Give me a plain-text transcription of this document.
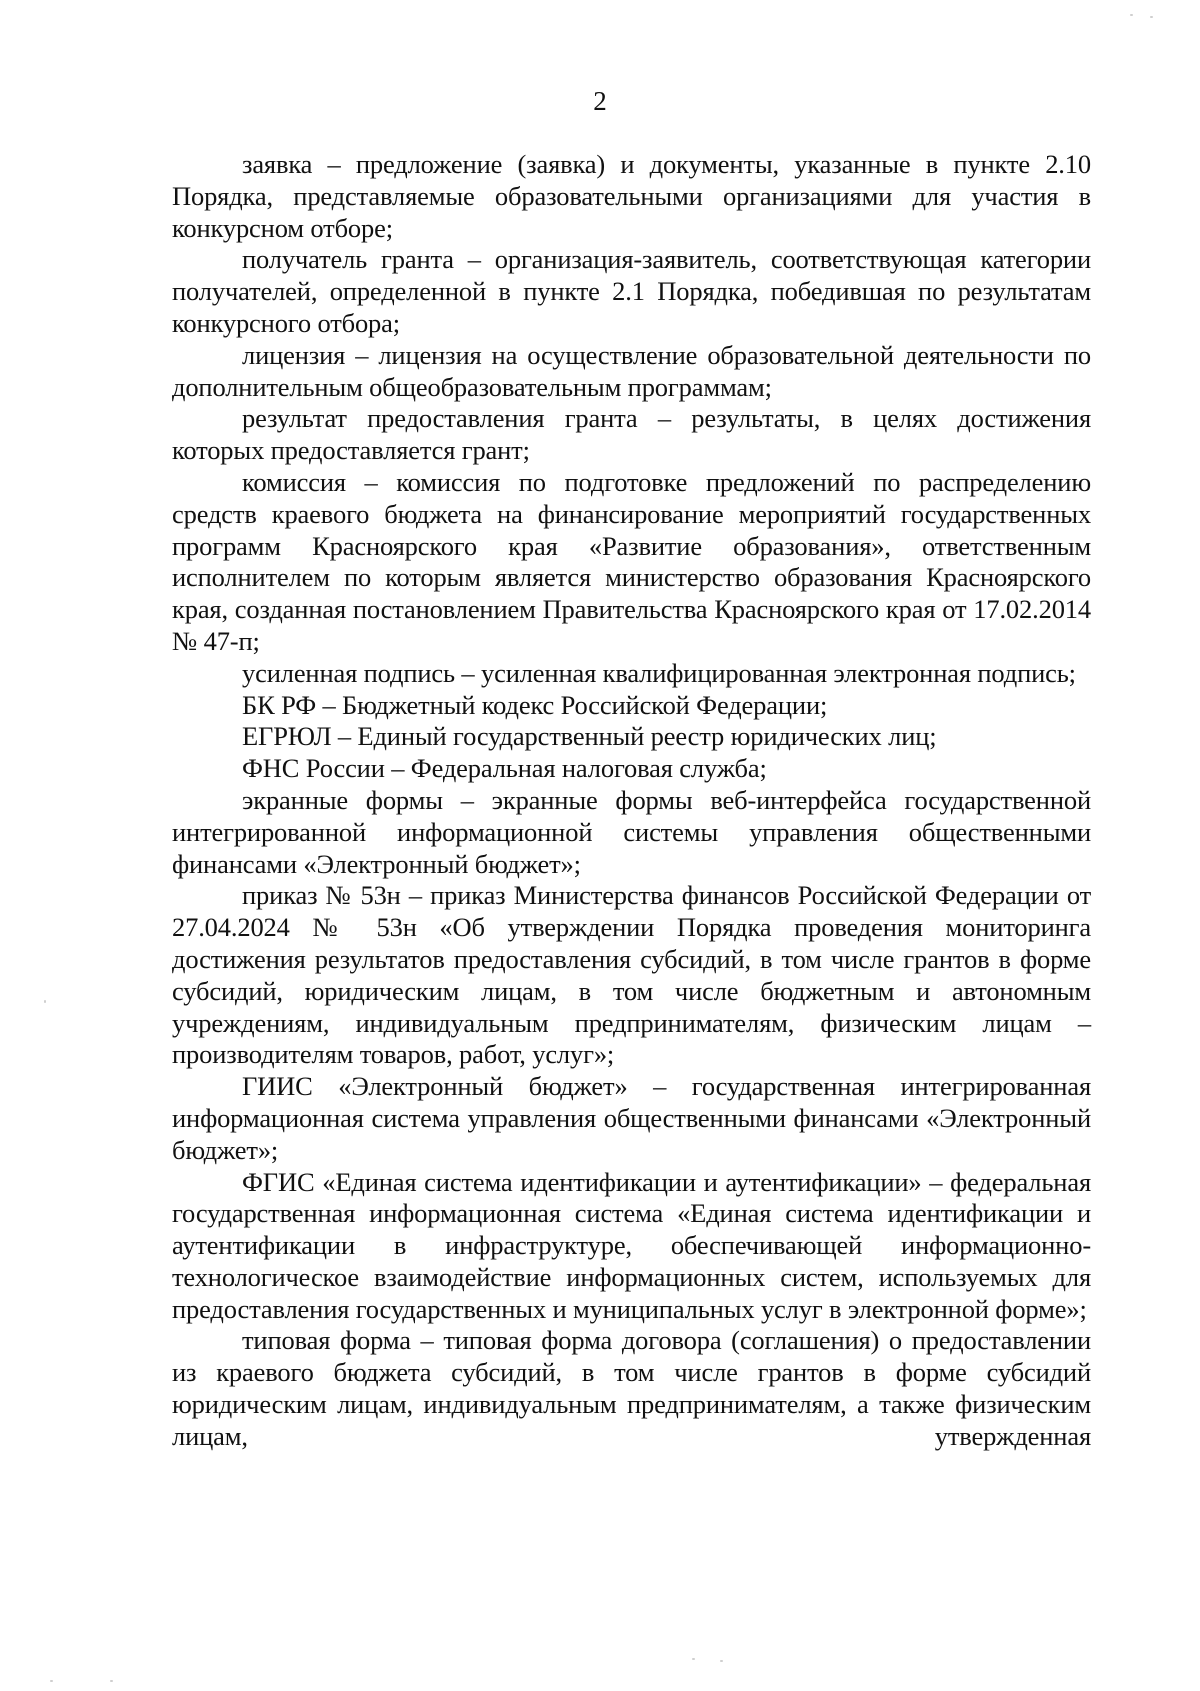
2

заявка – предложение (заявка) и документы, указанные в пункте 2.10 Порядка, представляемые образовательными организациями для участия в конкурсном отборе;

получатель гранта – организация-заявитель, соответствующая категории получателей, определенной в пункте 2.1 Порядка, победившая по результатам конкурсного отбора;

лицензия – лицензия на осуществление образовательной деятельности по дополнительным общеобразовательным программам;

результат предоставления гранта – результаты, в целях достижения которых предоставляется грант;

комиссия – комиссия по подготовке предложений по распределению средств краевого бюджета на финансирование мероприятий государственных программ Красноярского края «Развитие образования», ответственным исполнителем по которым является министерство образования Красноярского края, созданная постановлением Правительства Красноярского края от 17.02.2014 № 47-п;

усиленная подпись – усиленная квалифицированная электронная подпись;

БК РФ – Бюджетный кодекс Российской Федерации;

ЕГРЮЛ – Единый государственный реестр юридических лиц;

ФНС России – Федеральная налоговая служба;

экранные формы – экранные формы веб-интерфейса государственной интегрированной информационной системы управления общественными финансами «Электронный бюджет»;

приказ № 53н – приказ Министерства финансов Российской Федерации от 27.04.2024 № 53н «Об утверждении Порядка проведения мониторинга достижения результатов предоставления субсидий, в том числе грантов в форме субсидий, юридическим лицам, в том числе бюджетным и автономным учреждениям, индивидуальным предпринимателям, физическим лицам – производителям товаров, работ, услуг»;

ГИИС «Электронный бюджет» – государственная интегрированная информационная система управления общественными финансами «Электронный бюджет»;

ФГИС «Единая система идентификации и аутентификации» – федеральная государственная информационная система «Единая система идентификации и аутентификации в инфраструктуре, обеспечивающей информационно-технологическое взаимодействие информационных систем, используемых для предоставления государственных и муниципальных услуг в электронной форме»;

типовая форма – типовая форма договора (соглашения) о предоставлении из краевого бюджета субсидий, в том числе грантов в форме субсидий юридическим лицам, индивидуальным предпринимателям, а также физическим лицам, утвержденная
